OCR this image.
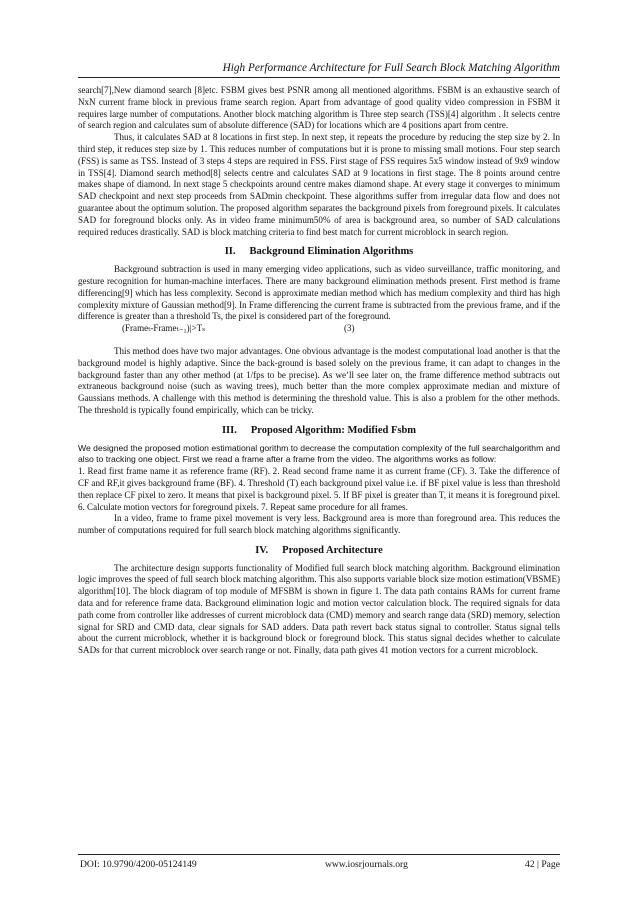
High Performance Architecture for Full Search Block Matching Algorithm

search[7],New diamond search [8]etc. FSBM gives best PSNR among all mentioned algorithms. FSBM is an exhaustive search of NxN current frame block in previous frame search region. Apart from advantage of good quality video compression in FSBM it requires large number of computations. Another block matching algorithm is Three step search (TSS)[4] algorithm . It selects centre of search region and calculates sum of absolute difference (SAD) for locations which are 4 positions apart from centre.

Thus, it calculates SAD at 8 locations in first step. In next step, it repeats the procedure by reducing the step size by 2. In third step, it reduces step size by 1. This reduces number of computations but it is prone to missing small motions. Four step search (FSS) is same as TSS. Instead of 3 steps 4 steps are required in FSS. First stage of FSS requires 5x5 window instead of 9x9 window in TSS[4]. Diamond search method[8] selects centre and calculates SAD at 9 locations in first stage. The 8 points around centre makes shape of diamond. In next stage 5 checkpoints around centre makes diamond shape. At every stage it converges to minimum SAD checkpoint and next step proceeds from SADmin checkpoint. These algorithms suffer from irregular data flow and does not guarantee about the optimum solution. The proposed algorithm separates the background pixels from foreground pixels. It calculates SAD for foreground blocks only. As in video frame minimum50% of area is background area, so number of SAD calculations required reduces drastically. SAD is block matching criteria to find best match for current microblock in search region.

II. Background Elimination Algorithms

Background subtraction is used in many emerging video applications, such as video surveillance, traffic monitoring, and gesture recognition for human-machine interfaces. There are many background elimination methods present. First method is frame differencing[9] which has less complexity. Second is approximate median method which has medium complexity and third has high complexity mixture of Gaussian method[9]. In Frame differencing the current frame is subtracted from the previous frame, and if the difference is greater than a threshold Ts, the pixel is considered part of the foreground.

(Frameₜ-Frameₜ₋₁)|>Tₛ	(3)

This method does have two major advantages. One obvious advantage is the modest computational load another is that the background model is highly adaptive. Since the back-ground is based solely on the previous frame, it can adapt to changes in the background faster than any other method (at 1/fps to be precise). As we’ll see later on, the frame difference method subtracts out extraneous background noise (such as waving trees), much better than the more complex approximate median and mixture of Gaussians methods. A challenge with this method is determining the threshold value. This is also a problem for the other methods. The threshold is typically found empirically, which can be tricky.

III. Proposed Algorithm: Modified Fsbm

We designed the proposed motion estimational gorithm to decrease the computation complexity of the full searchalgorithm and also to tracking one object. First we read a frame after a frame from the video. The algorithms works as follow:

1. Read first frame name it as reference frame (RF). 2. Read second frame name it as current frame (CF). 3. Take the difference of CF and RF,it gives background frame (BF). 4. Threshold (T) each background pixel value i.e. if BF pixel value is less than threshold then replace CF pixel to zero. It means that pixel is background pixel. 5. If BF pixel is greater than T, it means it is foreground pixel. 6. Calculate motion vectors for foreground pixels. 7. Repeat same procedure for all frames.

In a video, frame to frame pixel movement is very less. Background area is more than foreground area. This reduces the number of computations required for full search block matching algorithms significantly.

IV. Proposed Architecture

The architecture design supports functionality of Modified full search block matching algorithm. Background elimination logic improves the speed of full search block matching algorithm. This also supports variable block size motion estimation(VBSME) algorithm[10]. The block diagram of top module of MFSBM is shown in figure 1. The data path contains RAMs for current frame data and for reference frame data. Background elimination logic and motion vector calculation block. The required signals for data path come from controller like addresses of current microblock data (CMD) memory and search range data (SRD) memory, selection signal for SRD and CMD data, clear signals for SAD adders. Data path revert back status signal to controller. Status signal tells about the current microblock, whether it is background block or foreground block. This status signal decides whether to calculate SADs for that current microblock over search range or not. Finally, data path gives 41 motion vectors for a current microblock.

DOI: 10.9790/4200-05124149	www.iosrjournals.org	42 | Page
